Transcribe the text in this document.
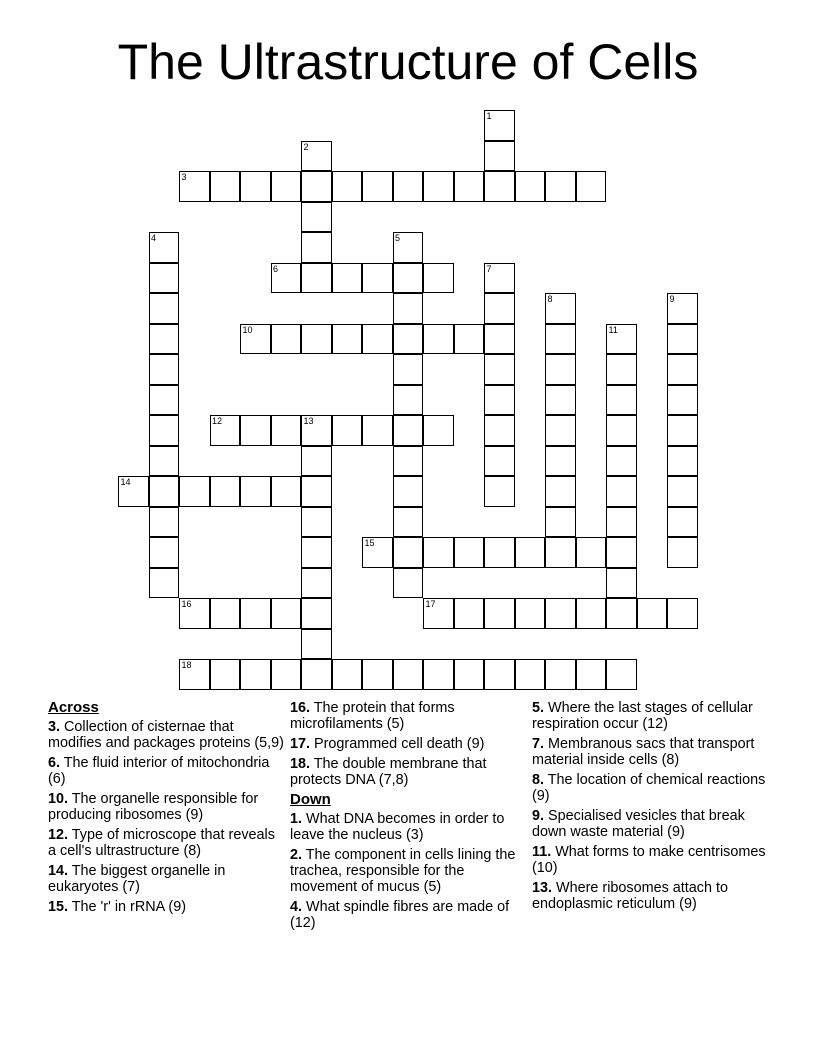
The Ultrastructure of Cells
1
2
3
4	5
6	7
8	9
10	11
12	13
14
15
16	17
18
Across
3. Collection of cisternae that modifies and packages proteins (5,9)
6. The fluid interior of mitochondria (6)
10. The organelle responsible for producing ribosomes (9)
12. Type of microscope that reveals a cell's ultrastructure (8)
14. The biggest organelle in eukaryotes (7)
15. The 'r' in rRNA (9)
16. The protein that forms microfilaments (5)
17. Programmed cell death (9)
18. The double membrane that protects DNA (7,8)
Down
1. What DNA becomes in order to leave the nucleus (3)
2. The component in cells lining the trachea, responsible for the movement of mucus (5)
4. What spindle fibres are made of (12)
5. Where the last stages of cellular respiration occur (12)
7. Membranous sacs that transport material inside cells (8)
8. The location of chemical reactions (9)
9. Specialised vesicles that break down waste material (9)
11. What forms to make centrisomes (10)
13. Where ribosomes attach to endoplasmic reticulum (9)
